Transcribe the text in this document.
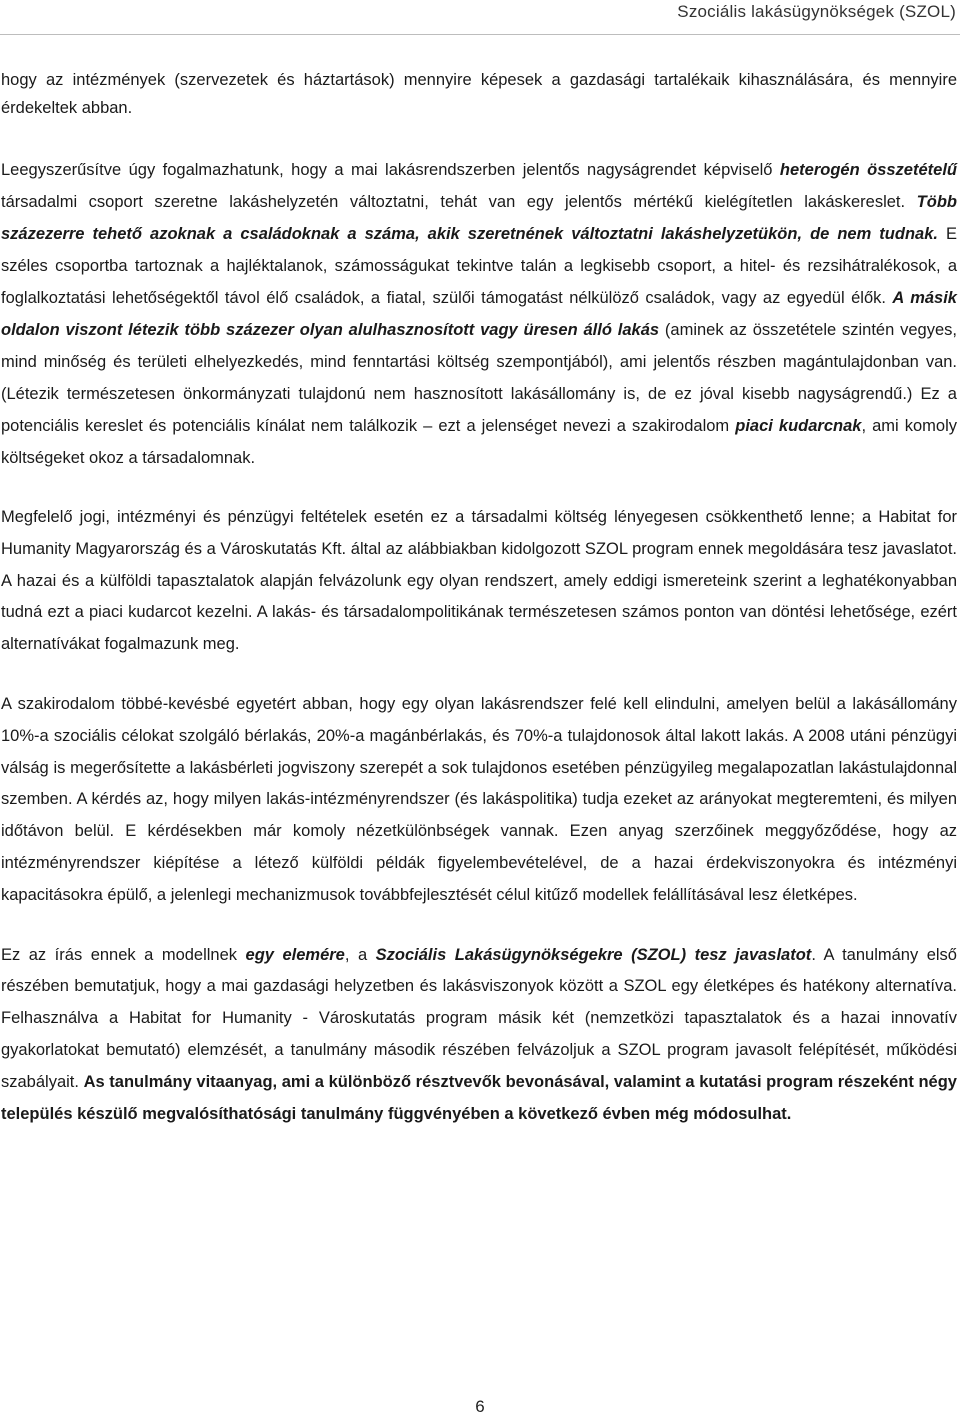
Szociális lakásügynökségek (SZOL)

hogy az intézmények (szervezetek és háztartások) mennyire képesek a gazdasági tartalékaik kihasználására, és mennyire érdekeltek abban.

Leegyszerűsítve úgy fogalmazhatunk, hogy a mai lakásrendszerben jelentős nagyságrendet képviselő heterogén összetételű társadalmi csoport szeretne lakáshelyzetén változtatni, tehát van egy jelentős mértékű kielégítetlen lakáskereslet. Több százezerre tehető azoknak a családoknak a száma, akik szeretnének változtatni lakáshelyzetükön, de nem tudnak. E széles csoportba tartoznak a hajléktalanok, számosságukat tekintve talán a legkisebb csoport, a hitel- és rezsihátralékosok, a foglalkoztatási lehetőségektől távol élő családok, a fiatal, szülői támogatást nélkülöző családok, vagy az egyedül élők. A másik oldalon viszont létezik több százezer olyan alulhasznosított vagy üresen álló lakás (aminek az összetétele szintén vegyes, mind minőség és területi elhelyezkedés, mind fenntartási költség szempontjából), ami jelentős részben magántulajdonban van. (Létezik természetesen önkormányzati tulajdonú nem hasznosított lakásállomány is, de ez jóval kisebb nagyságrendű.) Ez a potenciális kereslet és potenciális kínálat nem találkozik – ezt a jelenséget nevezi a szakirodalom piaci kudarcnak, ami komoly költségeket okoz a társadalomnak.

Megfelelő jogi, intézményi és pénzügyi feltételek esetén ez a társadalmi költség lényegesen csökkenthető lenne; a Habitat for Humanity Magyarország és a Városkutatás Kft. által az alábbiakban kidolgozott SZOL program ennek megoldására tesz javaslatot. A hazai és a külföldi tapasztalatok alapján felvázolunk egy olyan rendszert, amely eddigi ismereteink szerint a leghatékonyabban tudná ezt a piaci kudarcot kezelni. A lakás- és társadalompolitikának természetesen számos ponton van döntési lehetősége, ezért alternatívákat fogalmazunk meg.

A szakirodalom többé-kevésbé egyetért abban, hogy egy olyan lakásrendszer felé kell elindulni, amelyen belül a lakásállomány 10%-a szociális célokat szolgáló bérlakás, 20%-a magánbérlakás, és 70%-a tulajdonosok által lakott lakás. A 2008 utáni pénzügyi válság is megerősítette a lakásbérleti jogviszony szerepét a sok tulajdonos esetében pénzügyileg megalapozatlan lakástulajdonnal szemben. A kérdés az, hogy milyen lakás-intézményrendszer (és lakáspolitika) tudja ezeket az arányokat megteremteni, és milyen időtávon belül. E kérdésekben már komoly nézetkülönbségek vannak. Ezen anyag szerzőinek meggyőződése, hogy az intézményrendszer kiépítése a létező külföldi példák figyelembevételével, de a hazai érdekviszonyokra és intézményi kapacitásokra épülő, a jelenlegi mechanizmusok továbbfejlesztését célul kitűző modellek felállításával lesz életképes.

Ez az írás ennek a modellnek egy elemére, a Szociális Lakásügynökségekre (SZOL) tesz javaslatot. A tanulmány első részében bemutatjuk, hogy a mai gazdasági helyzetben és lakásviszonyok között a SZOL egy életképes és hatékony alternatíva. Felhasználva a Habitat for Humanity - Városkutatás program másik két (nemzetközi tapasztalatok és a hazai innovatív gyakorlatokat bemutató) elemzését, a tanulmány második részében felvázoljuk a SZOL program javasolt felépítését, működési szabályait. As tanulmány vitaanyag, ami a különböző résztvevők bevonásával, valamint a kutatási program részeként négy település készülő megvalósíthatósági tanulmány függvényében a következő évben még módosulhat.

6
